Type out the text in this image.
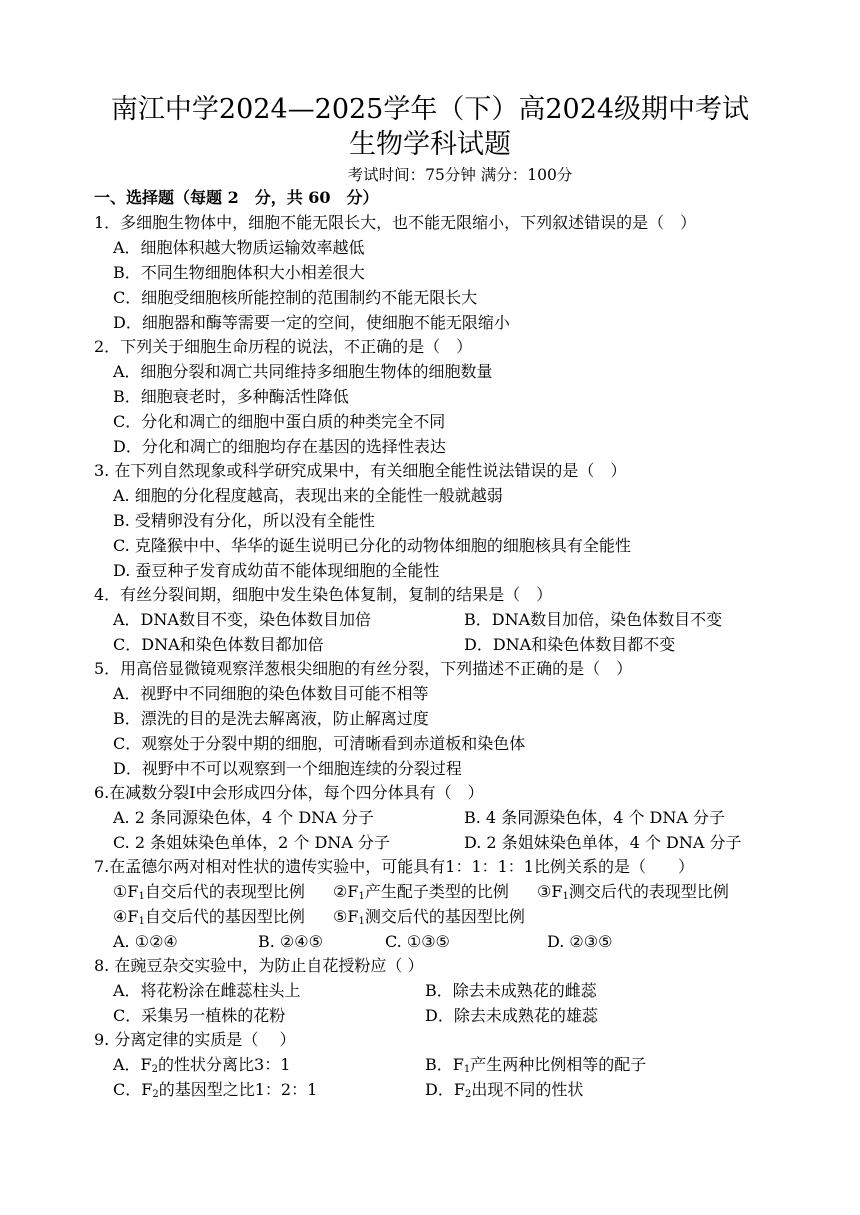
南江中学2024—2025学年（下）高2024级期中考试
生物学科试题
考试时间：75分钟 满分：100分
一、选择题（每题 2　分，共 60　分）
1．多细胞生物体中，细胞不能无限长大，也不能无限缩小，下列叙述错误的是（　）
A．细胞体积越大物质运输效率越低
B．不同生物细胞体积大小相差很大
C．细胞受细胞核所能控制的范围制约不能无限长大
D．细胞器和酶等需要一定的空间，使细胞不能无限缩小
2．下列关于细胞生命历程的说法，不正确的是（　）
A．细胞分裂和凋亡共同维持多细胞生物体的细胞数量
B．细胞衰老时，多种酶活性降低
C．分化和凋亡的细胞中蛋白质的种类完全不同
D．分化和凋亡的细胞均存在基因的选择性表达
3. 在下列自然现象或科学研究成果中，有关细胞全能性说法错误的是（　）
A. 细胞的分化程度越高，表现出来的全能性一般就越弱
B. 受精卵没有分化，所以没有全能性
C. 克隆猴中中、华华的诞生说明已分化的动物体细胞的细胞核具有全能性
D. 蚕豆种子发育成幼苗不能体现细胞的全能性
4．有丝分裂间期，细胞中发生染色体复制，复制的结果是（　）
A．DNA数目不变，染色体数目加倍	B．DNA数目加倍，染色体数目不变
C．DNA和染色体数目都加倍	D．DNA和染色体数目都不变
5．用高倍显微镜观察洋葱根尖细胞的有丝分裂，下列描述不正确的是（　）
A．视野中不同细胞的染色体数目可能不相等
B．漂洗的目的是洗去解离液，防止解离过度
C．观察处于分裂中期的细胞，可清晰看到赤道板和染色体
D．视野中不可以观察到一个细胞连续的分裂过程
6.在减数分裂Ⅰ中会形成四分体，每个四分体具有（　）
A. 2 条同源染色体，4 个 DNA 分子	B. 4 条同源染色体，4 个 DNA 分子
C. 2 条姐妹染色单体，2 个 DNA 分子	D. 2 条姐妹染色单体，4 个 DNA 分子
7.在孟德尔两对相对性状的遗传实验中，可能具有1：1：1：1比例关系的是（　　）
$①F_1$自交后代的表现型比例 $②F_1$产生配子类型的比例 $③F_1$测交后代的表现型比例
$④F_1$自交后代的基因型比例 $⑤F_1$测交后代的基因型比例
A. ①②④	B. ②④⑤	C. ①③⑤	D. ②③⑤
8. 在豌豆杂交实验中，为防止自花授粉应（ ）
A．将花粉涂在雌蕊柱头上	B．除去未成熟花的雌蕊
C．采集另一植株的花粉	D．除去未成熟花的雄蕊
9. 分离定律的实质是（　 ）
A．$F_2$的性状分离比3：1	B．$F_1$产生两种比例相等的配子
C．$F_2$的基因型之比1：2：1	D．$F_2$出现不同的性状
